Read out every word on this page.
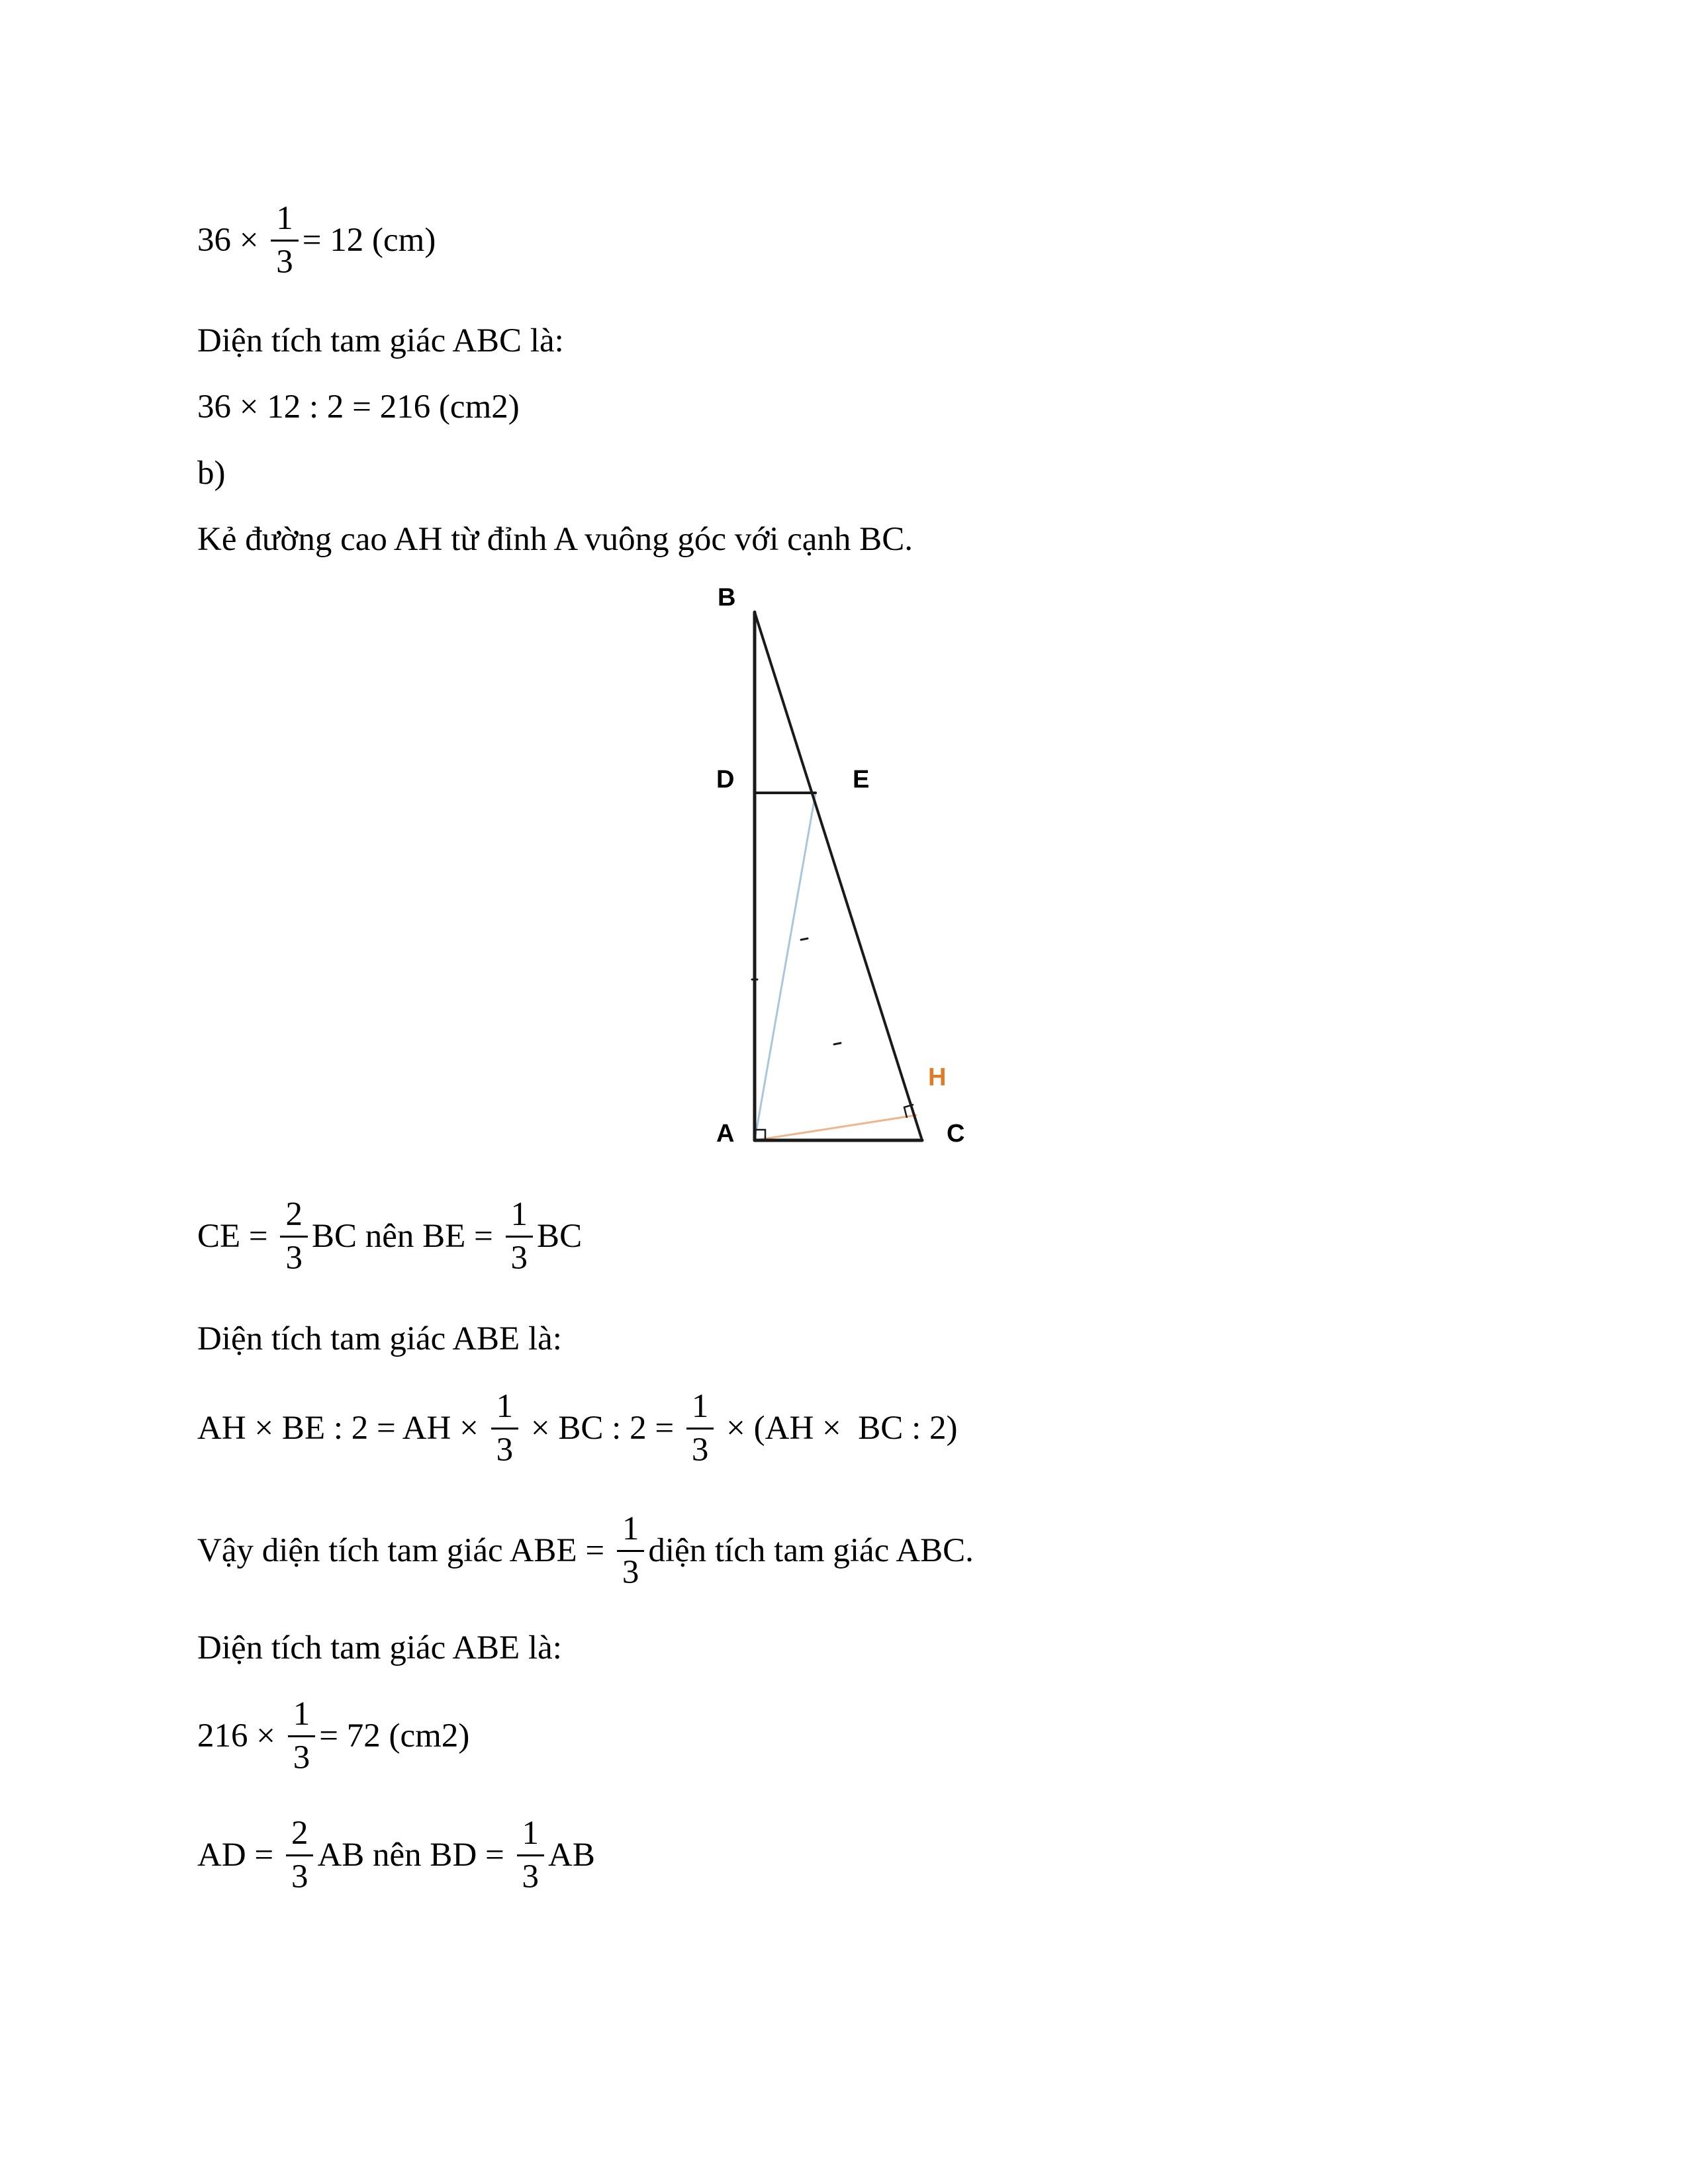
$36 \times \frac{1}{3} = 12$ (cm)
Diện tích tam giác ABC là:
36 × 12 : 2 = 216 (cm2)
b)
Kẻ đường cao AH từ đỉnh A vuông góc với cạnh BC.
B
D	E
H
A	C
CE = $\frac{2}{3}$ BC nên BE = $\frac{1}{3}$ BC
Diện tích tam giác ABE là:
AH × BE : 2 = AH × $\frac{1}{3}$ × BC : $2 = \frac{1}{3} \times (AH$ ×  BC : 2)
Vậy diện tích tam giác ABE = $\frac{1}{3}$ diện tích tam giác ABC.
Diện tích tam giác ABE là:
$216 \times \frac{1}{3} = 72$ (cm2)
AD = $\frac{2}{3}$ AB nên BD = $\frac{1}{3}$ AB
